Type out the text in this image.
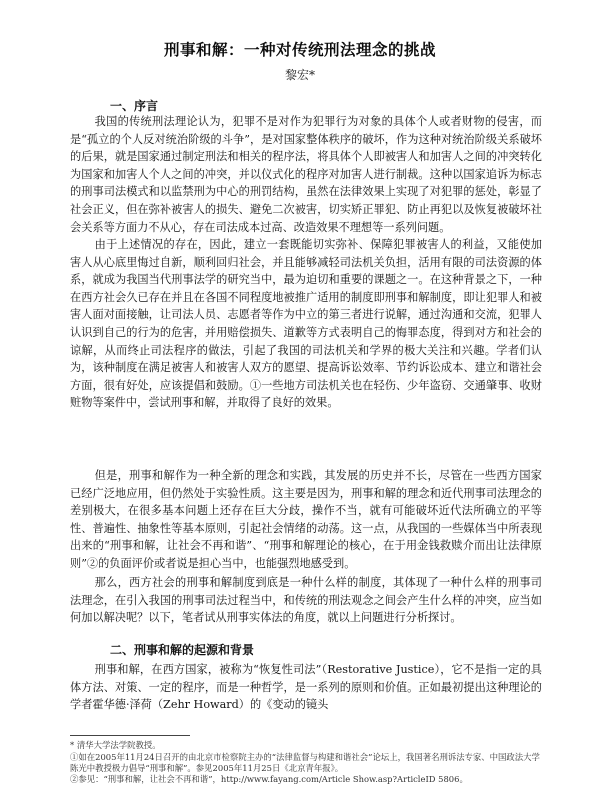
刑事和解：一种对传统刑法理念的挑战
黎宏*
一、序言

我国的传统刑法理论认为，犯罪不是对作为犯罪行为对象的具体个人或者财物的侵害，而是“孤立的个人反对统治阶级的斗争”，是对国家整体秩序的破坏，作为这种对统治阶级关系破坏的后果，就是国家通过制定刑法和相关的程序法，将具体个人即被害人和加害人之间的冲突转化为国家和加害人个人之间的冲突，并以仪式化的程序对加害人进行制裁。这种以国家追诉为标志的刑事司法模式和以监禁刑为中心的刑罚结构，虽然在法律效果上实现了对犯罪的惩处，彰显了社会正义，但在弥补被害人的损失、避免二次被害，切实矫正罪犯、防止再犯以及恢复被破坏社会关系等方面力不从心，存在司法成本过高、改造效果不理想等一系列问题。

由于上述情况的存在，因此，建立一套既能切实弥补、保障犯罪被害人的利益，又能使加害人从心底里悔过自新，顺利回归社会，并且能够减轻司法机关负担，活用有限的司法资源的体系，就成为我国当代刑事法学的研究当中，最为迫切和重要的课题之一。在这种背景之下，一种在西方社会久已存在并且在各国不同程度地被推广适用的制度即刑事和解制度，即让犯罪人和被害人面对面接触，让司法人员、志愿者等作为中立的第三者进行说解，通过沟通和交流，犯罪人认识到自己的行为的危害，并用赔偿损失、道歉等方式表明自己的悔罪态度，得到对方和社会的谅解，从而终止司法程序的做法，引起了我国的司法机关和学界的极大关注和兴趣。学者们认为，该种制度在满足被害人和被害人双方的愿望、提高诉讼效率、节约诉讼成本、建立和谐社会方面，很有好处，应该提倡和鼓励。①一些地方司法机关也在轻伤、少年盗窃、交通肇事、收财赃物等案件中，尝试刑事和解，并取得了良好的效果。

但是，刑事和解作为一种全新的理念和实践，其发展的历史并不长，尽管在一些西方国家已经广泛地应用，但仍然处于实验性质。这主要是因为，刑事和解的理念和近代刑事司法理念的差别极大，在很多基本问题上还存在巨大分歧，操作不当，就有可能破坏近代法所确立的平等性、普遍性、抽象性等基本原则，引起社会情绪的动荡。这一点，从我国的一些媒体当中所表现出来的“刑事和解，让社会不再和谐”、“刑事和解理论的核心，在于用金钱救赎介而出让法律原则”②的负面评价或者说是担心当中，也能强烈地感受到。

那么，西方社会的刑事和解制度到底是一种什么样的制度，其体现了一种什么样的刑事司法理念，在引入我国的刑事司法过程当中，和传统的刑法观念之间会产生什么样的冲突，应当如何加以解决呢？以下，笔者试从刑事实体法的角度，就以上问题进行分析探讨。

二、刑事和解的起源和背景

刑事和解，在西方国家，被称为“恢复性司法”（Restorative Justice），它不是指一定的具体方法、对策、一定的程序，而是一种哲学，是一系列的原则和价值。正如最初提出这种理论的学者霍华德·泽荷（Zehr Howard）的《变动的镜头

* 清华大学法学院教授。

①如在2005年11月24日召开的由北京市检察院主办的“法律监督与构建和谐社会”论坛上，我国著名刑诉法专家、中国政法大学陈光中教授极力倡导“刑事和解”。参见2005年11月25日《北京青年报》。

②参见：“刑事和解，让社会不再和谐”，http://www.fayang.com/Article Show.asp?ArticleID 5806。
